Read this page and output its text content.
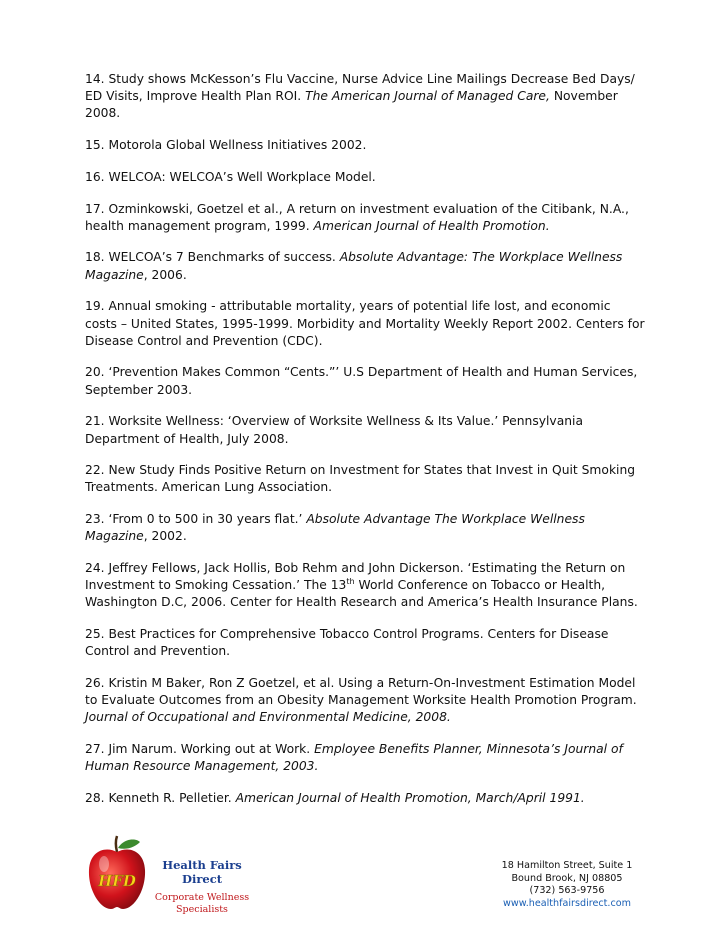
14. Study shows McKesson’s Flu Vaccine, Nurse Advice Line Mailings Decrease Bed Days/ ED Visits, Improve Health Plan ROI. The American Journal of Managed Care, November 2008.
15. Motorola Global Wellness Initiatives 2002.
16. WELCOA: WELCOA’s Well Workplace Model.
17. Ozminkowski, Goetzel et al., A return on investment evaluation of the Citibank, N.A., health management program, 1999. American Journal of Health Promotion.
18. WELCOA’s 7 Benchmarks of success. Absolute Advantage: The Workplace Wellness Magazine, 2006.
19. Annual smoking - attributable mortality, years of potential life lost, and economic costs – United States, 1995-1999. Morbidity and Mortality Weekly Report 2002. Centers for Disease Control and Prevention (CDC).
20. ‘Prevention Makes Common “Cents.”’ U.S Department of Health and Human Services, September 2003.
21. Worksite Wellness: ‘Overview of Worksite Wellness & Its Value.’ Pennsylvania Department of Health, July 2008.
22. New Study Finds Positive Return on Investment for States that Invest in Quit Smoking Treatments. American Lung Association.
23. ‘From 0 to 500 in 30 years flat.’ Absolute Advantage The Workplace Wellness Magazine, 2002.
24. Jeffrey Fellows, Jack Hollis, Bob Rehm and John Dickerson. ‘Estimating the Return on Investment to Smoking Cessation.’ The 13th World Conference on Tobacco or Health, Washington D.C, 2006. Center for Health Research and America’s Health Insurance Plans.
25. Best Practices for Comprehensive Tobacco Control Programs. Centers for Disease Control and Prevention.
26. Kristin M Baker, Ron Z Goetzel, et al. Using a Return-On-Investment Estimation Model to Evaluate Outcomes from an Obesity Management Worksite Health Promotion Program. Journal of Occupational and Environmental Medicine, 2008.
27. Jim Narum. Working out at Work. Employee Benefits Planner, Minnesota’s Journal of Human Resource Management, 2003.
28. Kenneth R. Pelletier. American Journal of Health Promotion, March/April 1991.
HFD
Health Fairs Direct
Corporate Wellness
Specialists
18 Hamilton Street, Suite 1
Bound Brook, NJ 08805
(732) 563-9756
www.healthfairsdirect.com
